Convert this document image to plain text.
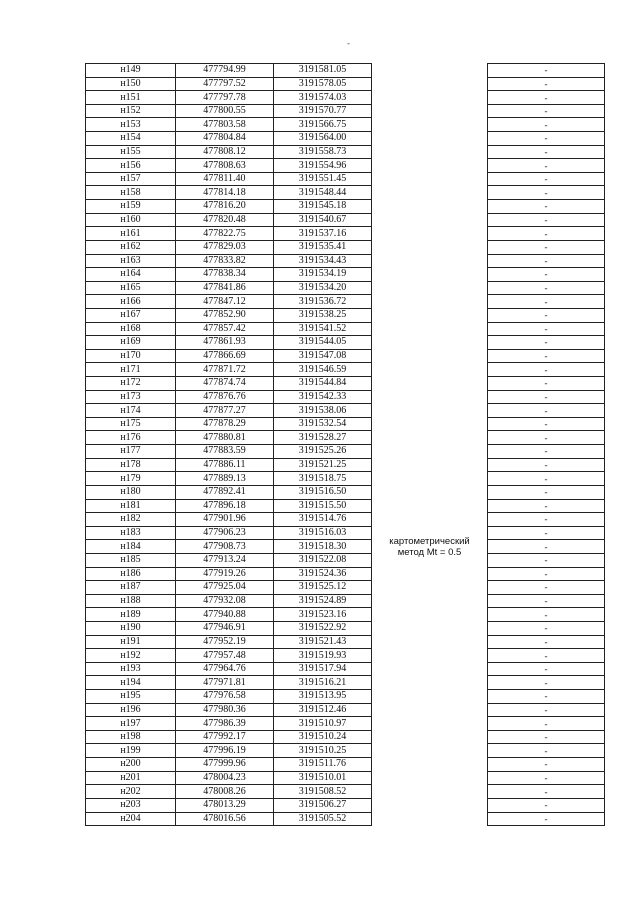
-
н149	477794.99	3191581.05		-
н150	477797.52	3191578.05		-
н151	477797.78	3191574.03		-
н152	477800.55	3191570.77		-
н153	477803.58	3191566.75		-
н154	477804.84	3191564.00		-
н155	477808.12	3191558.73		-
н156	477808.63	3191554.96		-
н157	477811.40	3191551.45		-
н158	477814.18	3191548.44		-
н159	477816.20	3191545.18		-
н160	477820.48	3191540.67		-
н161	477822.75	3191537.16		-
н162	477829.03	3191535.41		-
н163	477833.82	3191534.43		-
н164	477838.34	3191534.19		-
н165	477841.86	3191534.20		-
н166	477847.12	3191536.72		-
н167	477852.90	3191538.25		-
н168	477857.42	3191541.52		-
н169	477861.93	3191544.05		-
н170	477866.69	3191547.08		-
н171	477871.72	3191546.59		-
н172	477874.74	3191544.84		-
н173	477876.76	3191542.33		-
н174	477877.27	3191538.06		-
н175	477878.29	3191532.54		-
н176	477880.81	3191528.27		-
н177	477883.59	3191525.26		-
н178	477886.11	3191521.25		-
н179	477889.13	3191518.75		-
н180	477892.41	3191516.50		-
н181	477896.18	3191515.50		-
н182	477901.96	3191514.76		-
н183	477906.23	3191516.03		-
н184	477908.73	3191518.30	картометрический
метод Mt = 0.5	-
н185	477913.24	3191522.08		-
н186	477919.26	3191524.36		-
н187	477925.04	3191525.12		-
н188	477932.08	3191524.89		-
н189	477940.88	3191523.16		-
н190	477946.91	3191522.92		-
н191	477952.19	3191521.43		-
н192	477957.48	3191519.93		-
н193	477964.76	3191517.94		-
н194	477971.81	3191516.21		-
н195	477976.58	3191513.95		-
н196	477980.36	3191512.46		-
н197	477986.39	3191510.97		-
н198	477992.17	3191510.24		-
н199	477996.19	3191510.25		-
н200	477999.96	3191511.76		-
н201	478004.23	3191510.01		-
н202	478008.26	3191508.52		-
н203	478013.29	3191506.27		-
н204	478016.56	3191505.52		-
